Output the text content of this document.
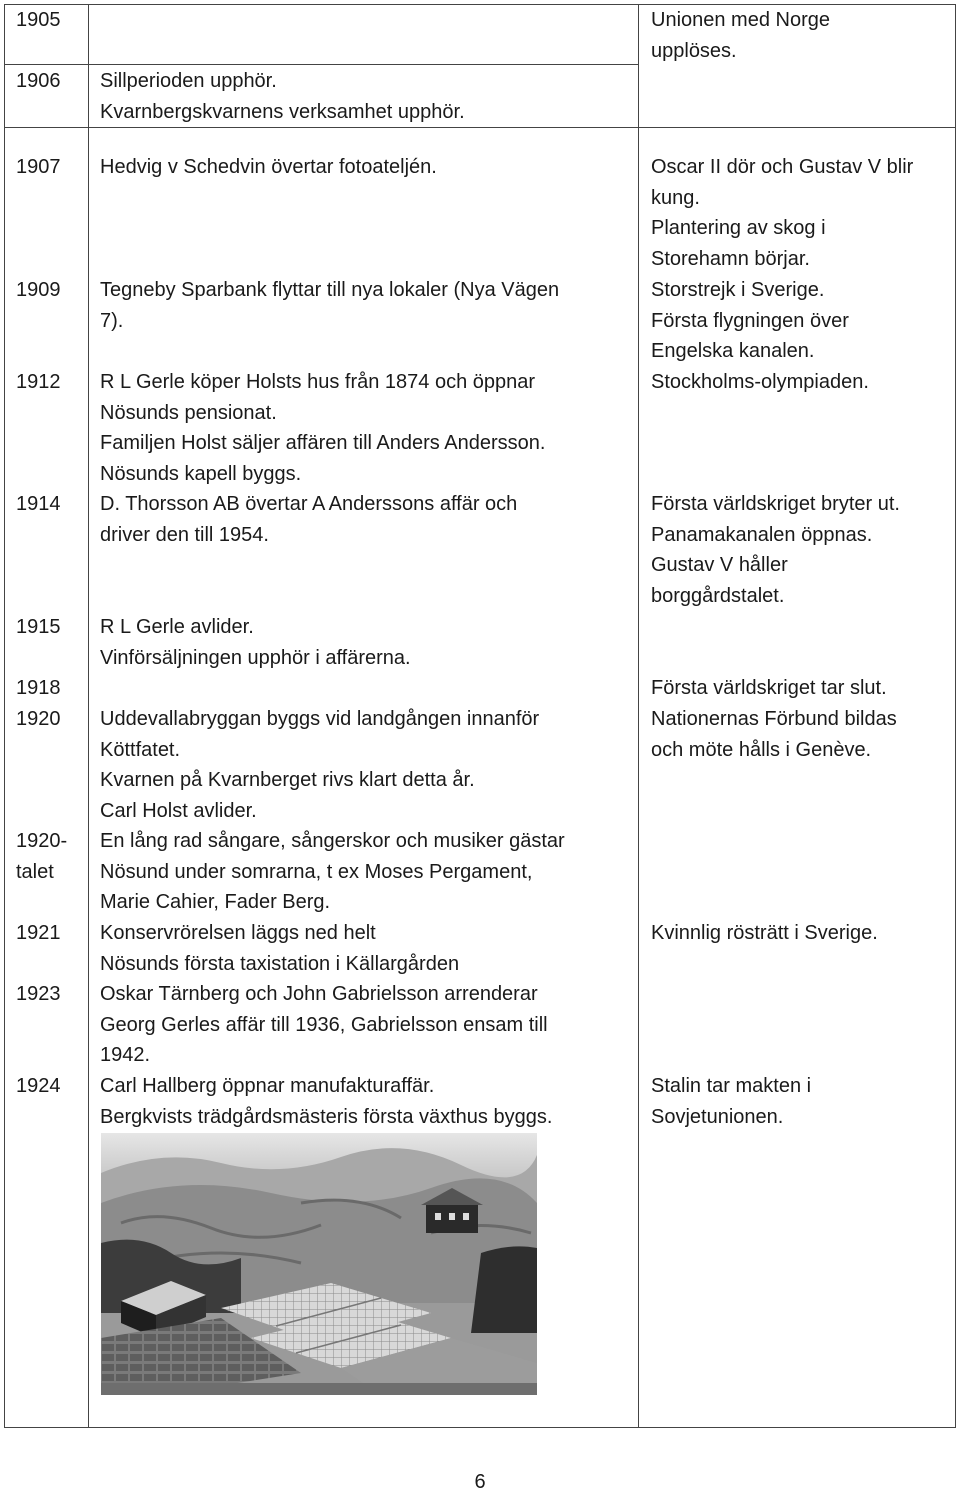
1905
1906
1907
1909
1912
1914
1915
1918
1920
1920-
talet
1921
1923
1924
Sillperioden upphör.
Kvarnbergskvarnens verksamhet upphör.
Hedvig v Schedvin övertar fotoateljén.
Tegneby Sparbank flyttar till nya lokaler (Nya Vägen
7).
R L Gerle köper Holsts hus från 1874 och öppnar
Nösunds pensionat.
Familjen Holst säljer affären till Anders Andersson.
Nösunds kapell byggs.
D. Thorsson AB övertar A Anderssons affär och
driver den till 1954.
R L Gerle avlider.
Vinförsäljningen upphör i affärerna.
Uddevallabryggan byggs vid landgången innanför
Köttfatet.
Kvarnen på Kvarnberget rivs klart detta år.
Carl Holst avlider.
En lång rad sångare, sångerskor och musiker gästar
Nösund under somrarna, t ex Moses Pergament,
Marie Cahier, Fader Berg.
Konservrörelsen läggs ned helt
Nösunds första taxistation i Källargården
Oskar Tärnberg och John Gabrielsson arrenderar
Georg Gerles affär till 1936, Gabrielsson ensam till
1942.
Carl Hallberg öppnar manufakturaffär.
Bergkvists trädgårdsmästeris första växthus byggs.
Unionen med Norge
upplöses.
Oscar II dör och Gustav V blir
kung.
Plantering av skog i
Storehamn börjar.
Storstrejk i Sverige.
Första flygningen över
Engelska kanalen.
Stockholms-olympiaden.
Första världskriget bryter ut.
Panamakanalen öppnas.
Gustav V håller
borggårdstalet.
Första världskriget tar slut.
Nationernas Förbund bildas
och möte hålls i Genève.
Kvinnlig rösträtt i Sverige.
Stalin tar makten i
Sovjetunionen.
6
